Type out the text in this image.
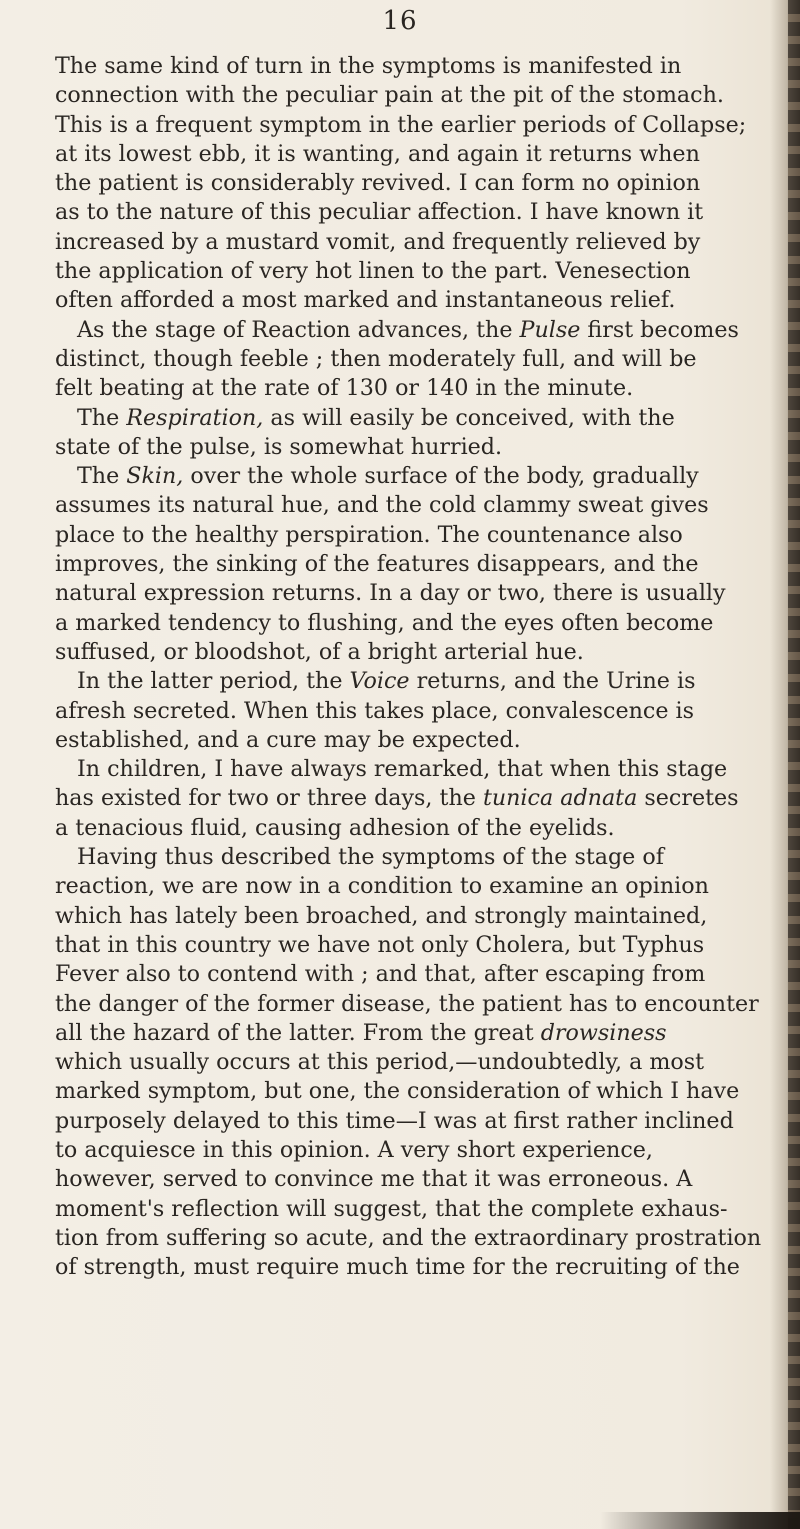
16
The same kind of turn in the symptoms is manifested in
connection with the peculiar pain at the pit of the stomach.
This is a frequent symptom in the earlier periods of Collapse;
at its lowest ebb, it is wanting, and again it returns when
the patient is considerably revived. I can form no opinion
as to the nature of this peculiar affection. I have known it
increased by a mustard vomit, and frequently relieved by
the application of very hot linen to the part. Venesection
often afforded a most marked and instantaneous relief.
As the stage of Reaction advances, the Pulse first becomes
distinct, though feeble ; then moderately full, and will be
felt beating at the rate of 130 or 140 in the minute.
The Respiration, as will easily be conceived, with the
state of the pulse, is somewhat hurried.
The Skin, over the whole surface of the body, gradually
assumes its natural hue, and the cold clammy sweat gives
place to the healthy perspiration. The countenance also
improves, the sinking of the features disappears, and the
natural expression returns. In a day or two, there is usually
a marked tendency to flushing, and the eyes often become
suffused, or bloodshot, of a bright arterial hue.
In the latter period, the Voice returns, and the Urine is
afresh secreted. When this takes place, convalescence is
established, and a cure may be expected.
In children, I have always remarked, that when this stage
has existed for two or three days, the tunica adnata secretes
a tenacious fluid, causing adhesion of the eyelids.
Having thus described the symptoms of the stage of
reaction, we are now in a condition to examine an opinion
which has lately been broached, and strongly maintained,
that in this country we have not only Cholera, but Typhus
Fever also to contend with ; and that, after escaping from
the danger of the former disease, the patient has to encounter
all the hazard of the latter. From the great drowsiness
which usually occurs at this period,—undoubtedly, a most
marked symptom, but one, the consideration of which I have
purposely delayed to this time—I was at first rather inclined
to acquiesce in this opinion. A very short experience,
however, served to convince me that it was erroneous. A
moment's reflection will suggest, that the complete exhaus-
tion from suffering so acute, and the extraordinary prostration
of strength, must require much time for the recruiting of the
